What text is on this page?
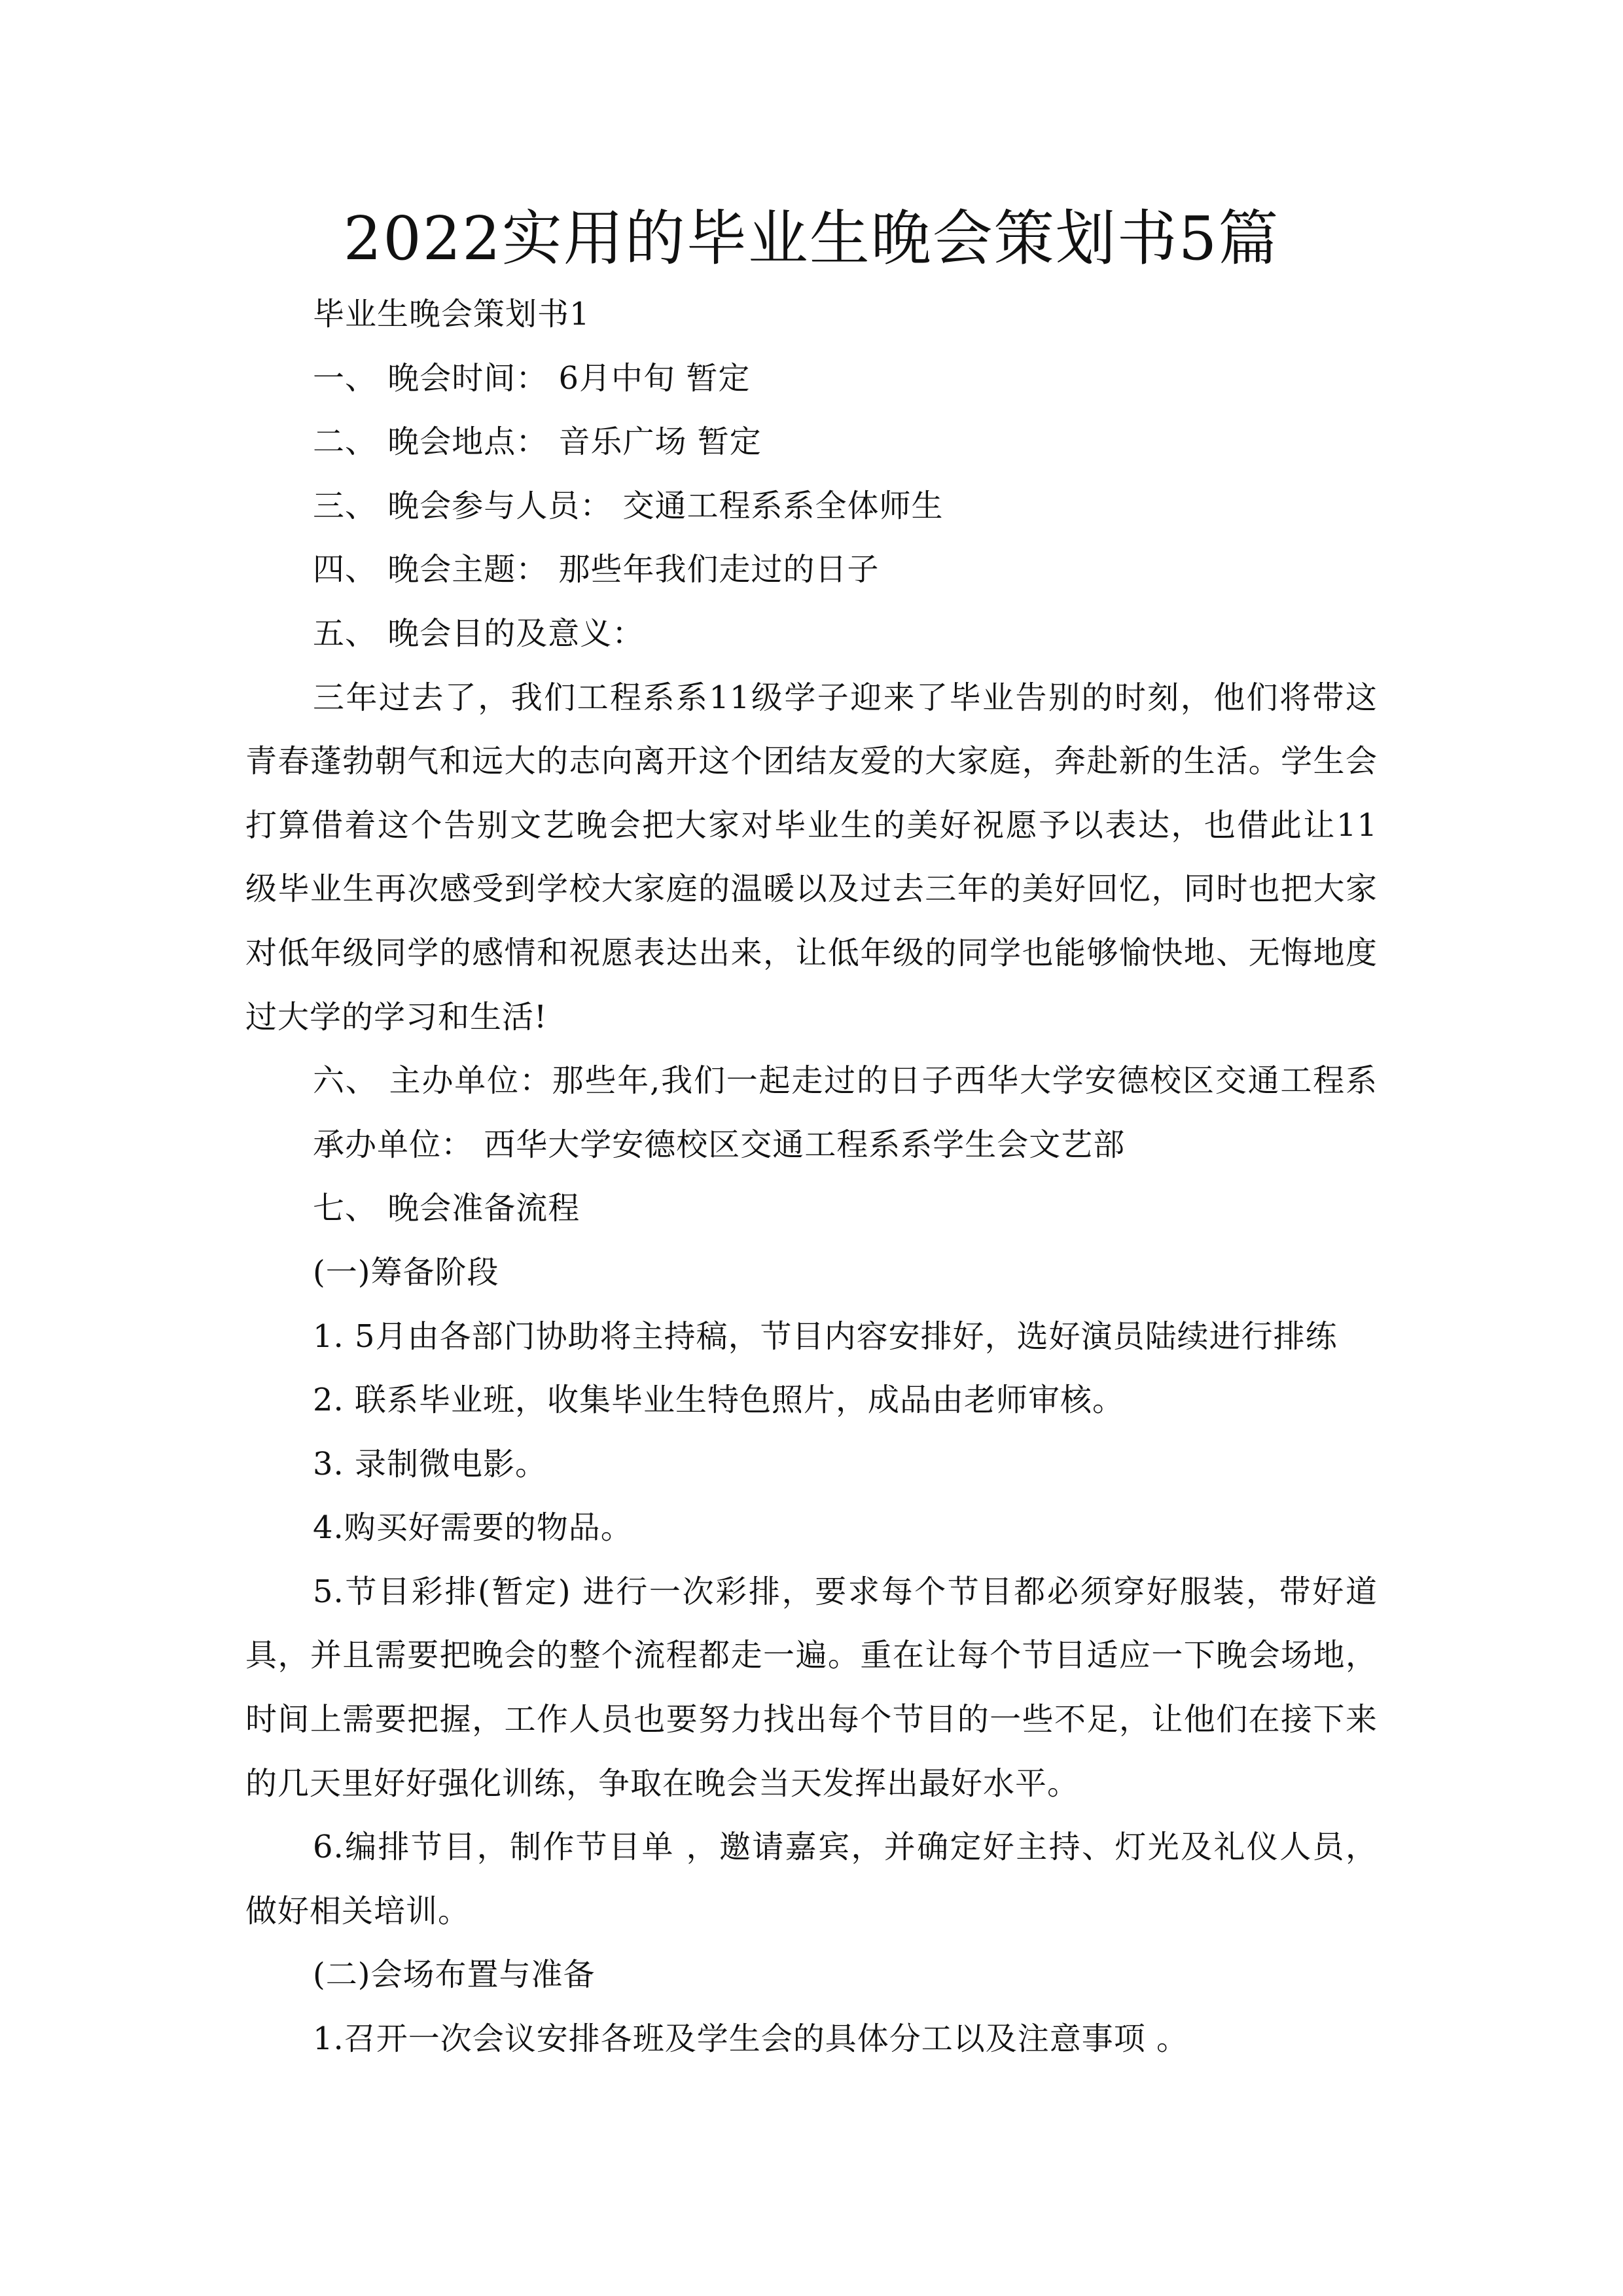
2022实用的毕业生晚会策划书5篇
毕业生晚会策划书1
一、 晚会时间： 6月中旬 暂定
二、 晚会地点： 音乐广场 暂定
三、 晚会参与人员： 交通工程系系全体师生
四、 晚会主题： 那些年我们走过的日子
五、 晚会目的及意义：
三年过去了，我们工程系系11级学子迎来了毕业告别的时刻，他们将带这
青春蓬勃朝气和远大的志向离开这个团结友爱的大家庭，奔赴新的生活。学生会
打算借着这个告别文艺晚会把大家对毕业生的美好祝愿予以表达，也借此让11
级毕业生再次感受到学校大家庭的温暖以及过去三年的美好回忆，同时也把大家
对低年级同学的感情和祝愿表达出来，让低年级的同学也能够愉快地、无悔地度
过大学的学习和生活!
六、 主办单位：那些年,我们一起走过的日子西华大学安德校区交通工程系
承办单位： 西华大学安德校区交通工程系系学生会文艺部
七、 晚会准备流程
(一)筹备阶段
1. 5月由各部门协助将主持稿，节目内容安排好，选好演员陆续进行排练
2. 联系毕业班，收集毕业生特色照片，成品由老师审核。
3. 录制微电影。
4.购买好需要的物品。
5.节目彩排(暂定) 进行一次彩排，要求每个节目都必须穿好服装，带好道
具，并且需要把晚会的整个流程都走一遍。重在让每个节目适应一下晚会场地，
时间上需要把握，工作人员也要努力找出每个节目的一些不足，让他们在接下来
的几天里好好强化训练，争取在晚会当天发挥出最好水平。
6.编排节目，制作节目单 ，邀请嘉宾，并确定好主持、灯光及礼仪人员，
做好相关培训。
(二)会场布置与准备
1.召开一次会议安排各班及学生会的具体分工以及注意事项 。
